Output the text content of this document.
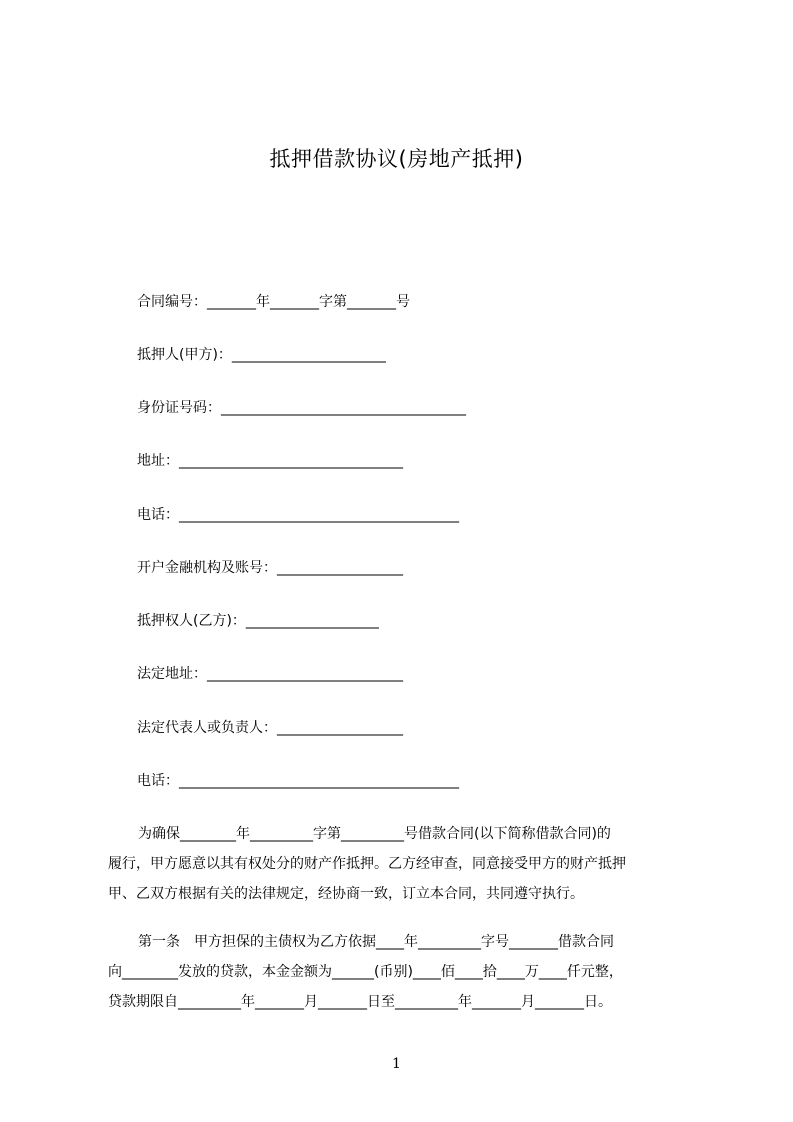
抵押借款协议(房地产抵押)
合同编号：_______年_______字第_______号
抵押人(甲方)：______________________
身份证号码：___________________________________
地址：________________________________
电话：________________________________________
开户金融机构及账号：__________________
抵押权人(乙方)：___________________
法定地址：____________________________
法定代表人或负责人：__________________
电话：________________________________________
为确保________年_________字第_________号借款合同(以下简称借款合同)的
履行，甲方愿意以其有权处分的财产作抵押。乙方经审查，同意接受甲方的财产抵押
甲、乙双方根据有关的法律规定，经协商一致，订立本合同，共同遵守执行。
第一条　甲方担保的主债权为乙方依据____年_________字号_______借款合同
向________发放的贷款，本金金额为______(币别)____佰____拾____万____仟元整，
贷款期限自_________年_______月_______日至_________年_______月_______日。
1
